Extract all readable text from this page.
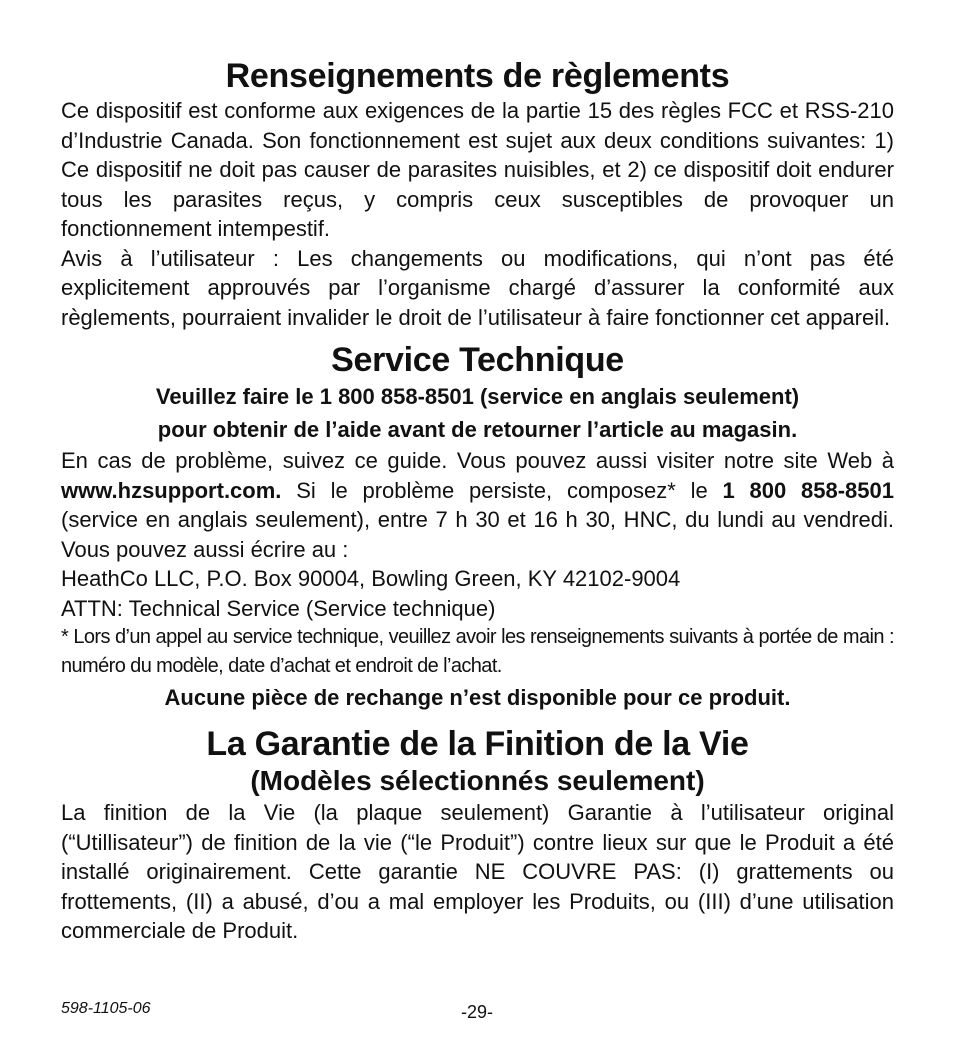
Renseignements de règlements

Ce dispositif est conforme aux exigences de la partie 15 des règles FCC et RSS-210 d’Industrie Canada. Son fonctionnement est sujet aux deux conditions suivantes: 1) Ce dispositif ne doit pas causer de parasites nuisibles, et 2) ce dispositif doit endurer tous les parasites reçus, y compris ceux susceptibles de provoquer un fonctionnement intempestif.

Avis à l’utilisateur : Les changements ou modifications, qui n’ont pas été explicitement approuvés par l’organisme chargé d’assurer la conformité aux règlements, pourraient invalider le droit de l’utilisateur à faire fonctionner cet appareil.

Service Technique

Veuillez faire le 1 800 858-8501 (service en anglais seulement)

pour obtenir de l’aide avant de retourner l’article au magasin.

En cas de problème, suivez ce guide. Vous pouvez aussi visiter notre site Web à www.hzsupport.com. Si le problème persiste, composez* le 1 800 858-8501 (service en anglais seulement), entre 7 h 30 et 16 h 30, HNC, du lundi au vendredi. Vous pouvez aussi écrire au :

HeathCo LLC, P.O. Box 90004, Bowling Green, KY 42102-9004

ATTN: Technical Service (Service technique)

* Lors d’un appel au service technique, veuillez avoir les renseignements suivants à portée de main : numéro du modèle, date d’achat et endroit de l’achat.

Aucune pièce de rechange n’est disponible pour ce produit.

La Garantie de la Finition de la Vie
(Modèles sélectionnés seulement)

La finition de la Vie (la plaque seulement) Garantie à l’utilisateur original (“Utillisateur”) de finition de la vie (“le Produit”) contre lieux sur que le Produit a été installé originairement. Cette garantie NE COUVRE PAS: (I) grattements ou frottements, (II) a abusé, d’ou a mal employer les Produits, ou (III) d’une utilisation commerciale de Produit.

598-1105-06	-29-
